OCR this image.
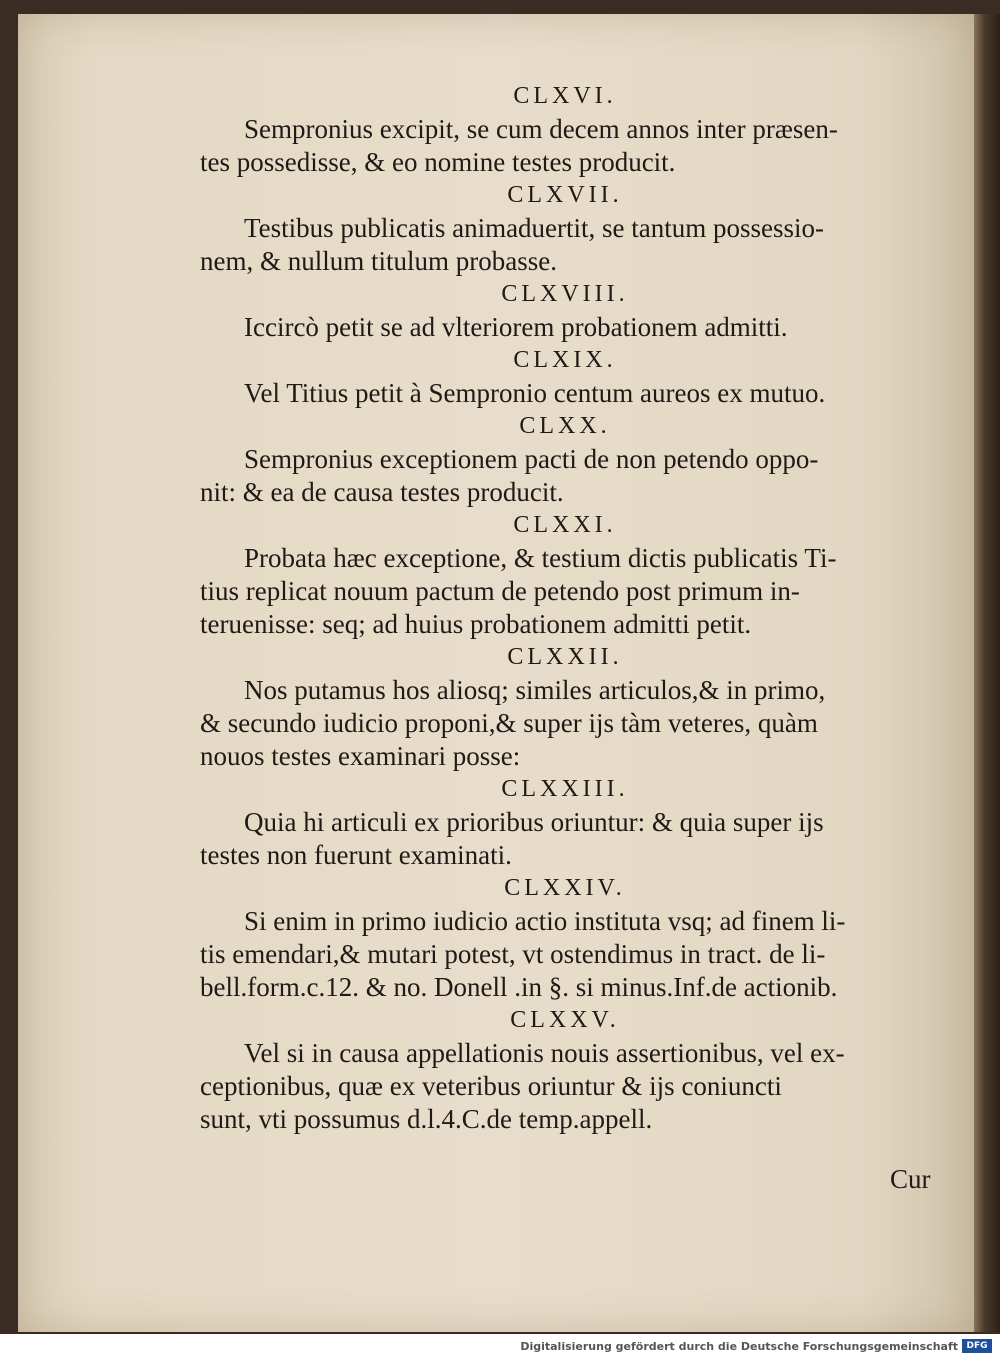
CLXVI.
Sempronius excipit, se cum decem annos inter præsen-
tes possedisse, & eo nomine testes producit.
CLXVII.
Testibus publicatis animaduertit, se tantum possessio-
nem, & nullum titulum probasse.
CLXVIII.
Iccircò petit se ad vlteriorem probationem admitti.
CLXIX.
Vel Titius petit à Sempronio centum aureos ex mutuo.
CLXX.
Sempronius exceptionem pacti de non petendo oppo-
nit: & ea de causa testes producit.
CLXXI.
Probata hæc exceptione, & testium dictis publicatis Ti-
tius replicat nouum pactum de petendo post primum in-
teruenisse: seq; ad huius probationem admitti petit.
CLXXII.
Nos putamus hos aliosq; similes articulos,& in primo,
& secundo iudicio proponi,& super ijs tàm veteres, quàm
nouos testes examinari posse:
CLXXIII.
Quia hi articuli ex prioribus oriuntur: & quia super ijs
testes non fuerunt examinati.
CLXXIV.
Si enim in primo iudicio actio instituta vsq; ad finem li-
tis emendari,& mutari potest, vt ostendimus in tract. de li-
bell.form.c.12. & no. Donell .in §. si minus.Inf.de actionib.
CLXXV.
Vel si in causa appellationis nouis assertionibus, vel ex-
ceptionibus, quæ ex veteribus oriuntur & ijs coniuncti
sunt, vti possumus d.l.4.C.de temp.appell.
Cur
Digitalisierung gefördert durch die Deutsche Forschungsgemeinschaft DFG
